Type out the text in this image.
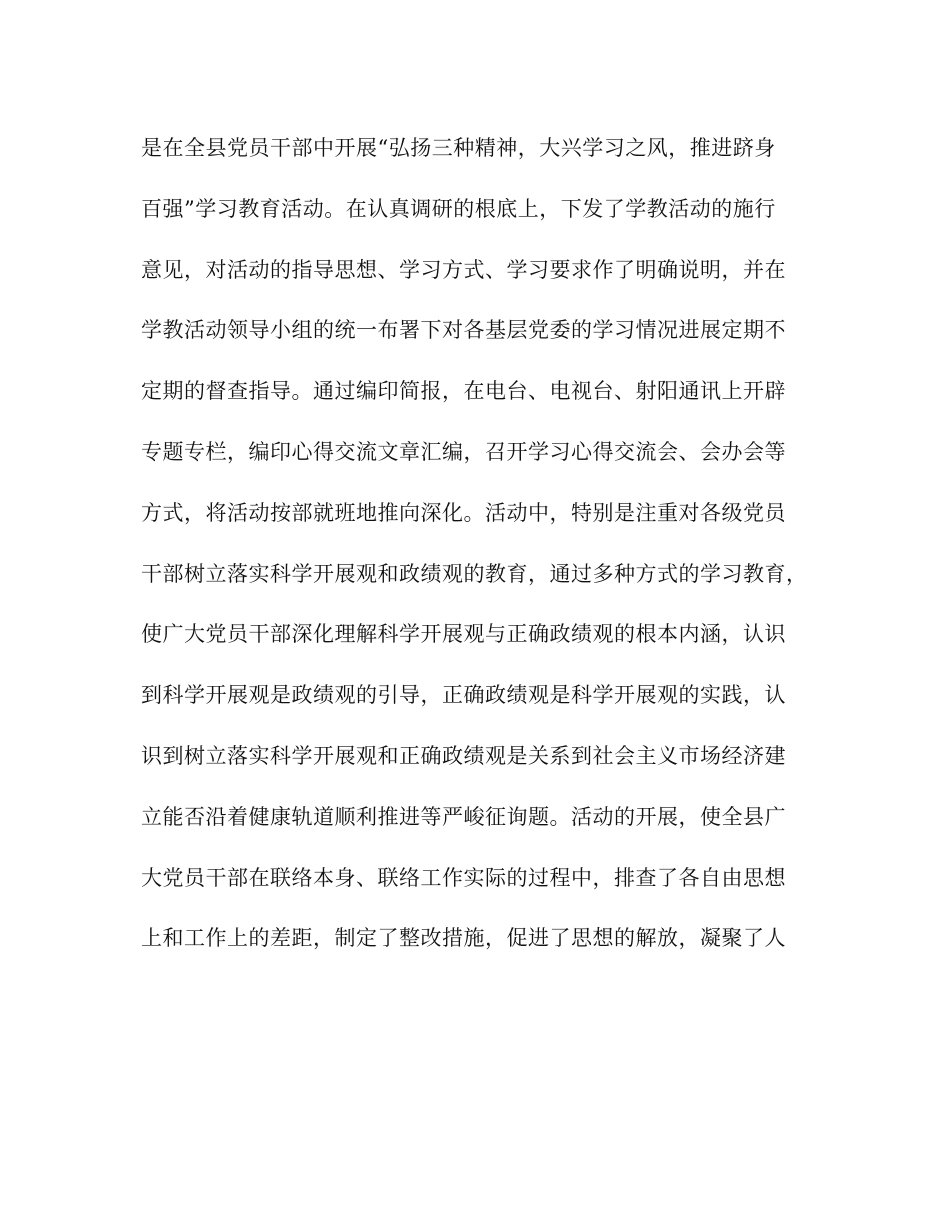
是在全县党员干部中开展“弘扬三种精神，大兴学习之风，推进跻身
百强”学习教育活动。在认真调研的根底上，下发了学教活动的施行
意见，对活动的指导思想、学习方式、学习要求作了明确说明，并在
学教活动领导小组的统一布署下对各基层党委的学习情况进展定期不
定期的督查指导。通过编印简报，在电台、电视台、射阳通讯上开辟
专题专栏，编印心得交流文章汇编，召开学习心得交流会、会办会等
方式，将活动按部就班地推向深化。活动中，特别是注重对各级党员
干部树立落实科学开展观和政绩观的教育，通过多种方式的学习教育，
使广大党员干部深化理解科学开展观与正确政绩观的根本内涵，认识
到科学开展观是政绩观的引导，正确政绩观是科学开展观的实践，认
识到树立落实科学开展观和正确政绩观是关系到社会主义市场经济建
立能否沿着健康轨道顺利推进等严峻征询题。活动的开展，使全县广
大党员干部在联络本身、联络工作实际的过程中，排查了各自由思想
上和工作上的差距，制定了整改措施，促进了思想的解放，凝聚了人
